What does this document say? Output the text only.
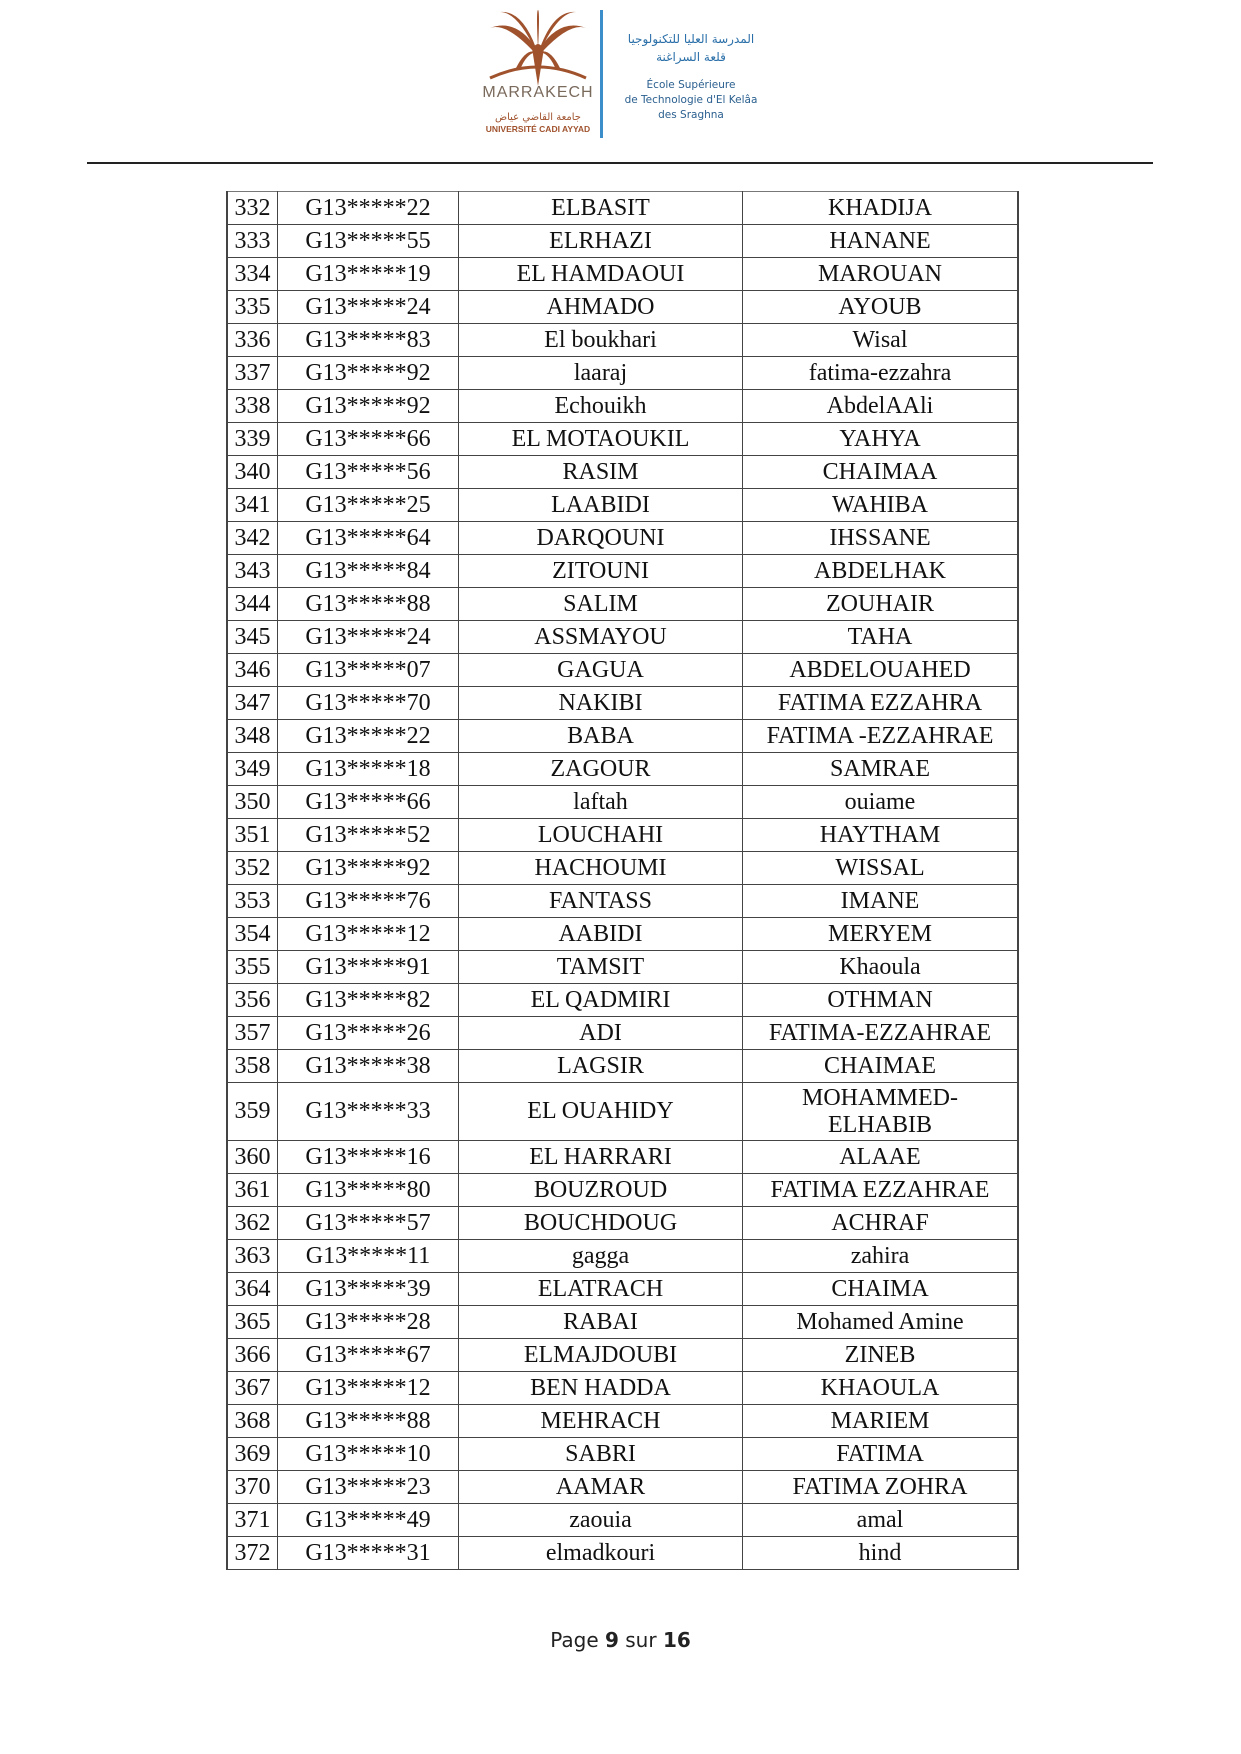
MARRAKECH
جامعة القاضي عياض
UNIVERSITÉ CADI AYYAD
المدرسة العليا للتكنولوجيا
قلعة السراغنة
École Supérieure
de Technologie d'El Kelâa
des Sraghna
332	G13*****22	ELBASIT	KHADIJA
333	G13*****55	ELRHAZI	HANANE
334	G13*****19	EL HAMDAOUI	MAROUAN
335	G13*****24	AHMADO	AYOUB
336	G13*****83	El boukhari	Wisal
337	G13*****92	laaraj	fatima-ezzahra
338	G13*****92	Echouikh	AbdelAAli
339	G13*****66	EL MOTAOUKIL	YAHYA
340	G13*****56	RASIM	CHAIMAA
341	G13*****25	LAABIDI	WAHIBA
342	G13*****64	DARQOUNI	IHSSANE
343	G13*****84	ZITOUNI	ABDELHAK
344	G13*****88	SALIM	ZOUHAIR
345	G13*****24	ASSMAYOU	TAHA
346	G13*****07	GAGUA	ABDELOUAHED
347	G13*****70	NAKIBI	FATIMA EZZAHRA
348	G13*****22	BABA	FATIMA -EZZAHRAE
349	G13*****18	ZAGOUR	SAMRAE
350	G13*****66	laftah	ouiame
351	G13*****52	LOUCHAHI	HAYTHAM
352	G13*****92	HACHOUMI	WISSAL
353	G13*****76	FANTASS	IMANE
354	G13*****12	AABIDI	MERYEM
355	G13*****91	TAMSIT	Khaoula
356	G13*****82	EL QADMIRI	OTHMAN
357	G13*****26	ADI	FATIMA-EZZAHRAE
358	G13*****38	LAGSIR	CHAIMAE
359	G13*****33	EL OUAHIDY	MOHAMMED-
ELHABIB
360	G13*****16	EL HARRARI	ALAAE
361	G13*****80	BOUZROUD	FATIMA EZZAHRAE
362	G13*****57	BOUCHDOUG	ACHRAF
363	G13*****11	gagga	zahira
364	G13*****39	ELATRACH	CHAIMA
365	G13*****28	RABAI	Mohamed Amine
366	G13*****67	ELMAJDOUBI	ZINEB
367	G13*****12	BEN HADDA	KHAOULA
368	G13*****88	MEHRACH	MARIEM
369	G13*****10	SABRI	FATIMA
370	G13*****23	AAMAR	FATIMA ZOHRA
371	G13*****49	zaouia	amal
372	G13*****31	elmadkouri	hind
Page 9 sur 16
